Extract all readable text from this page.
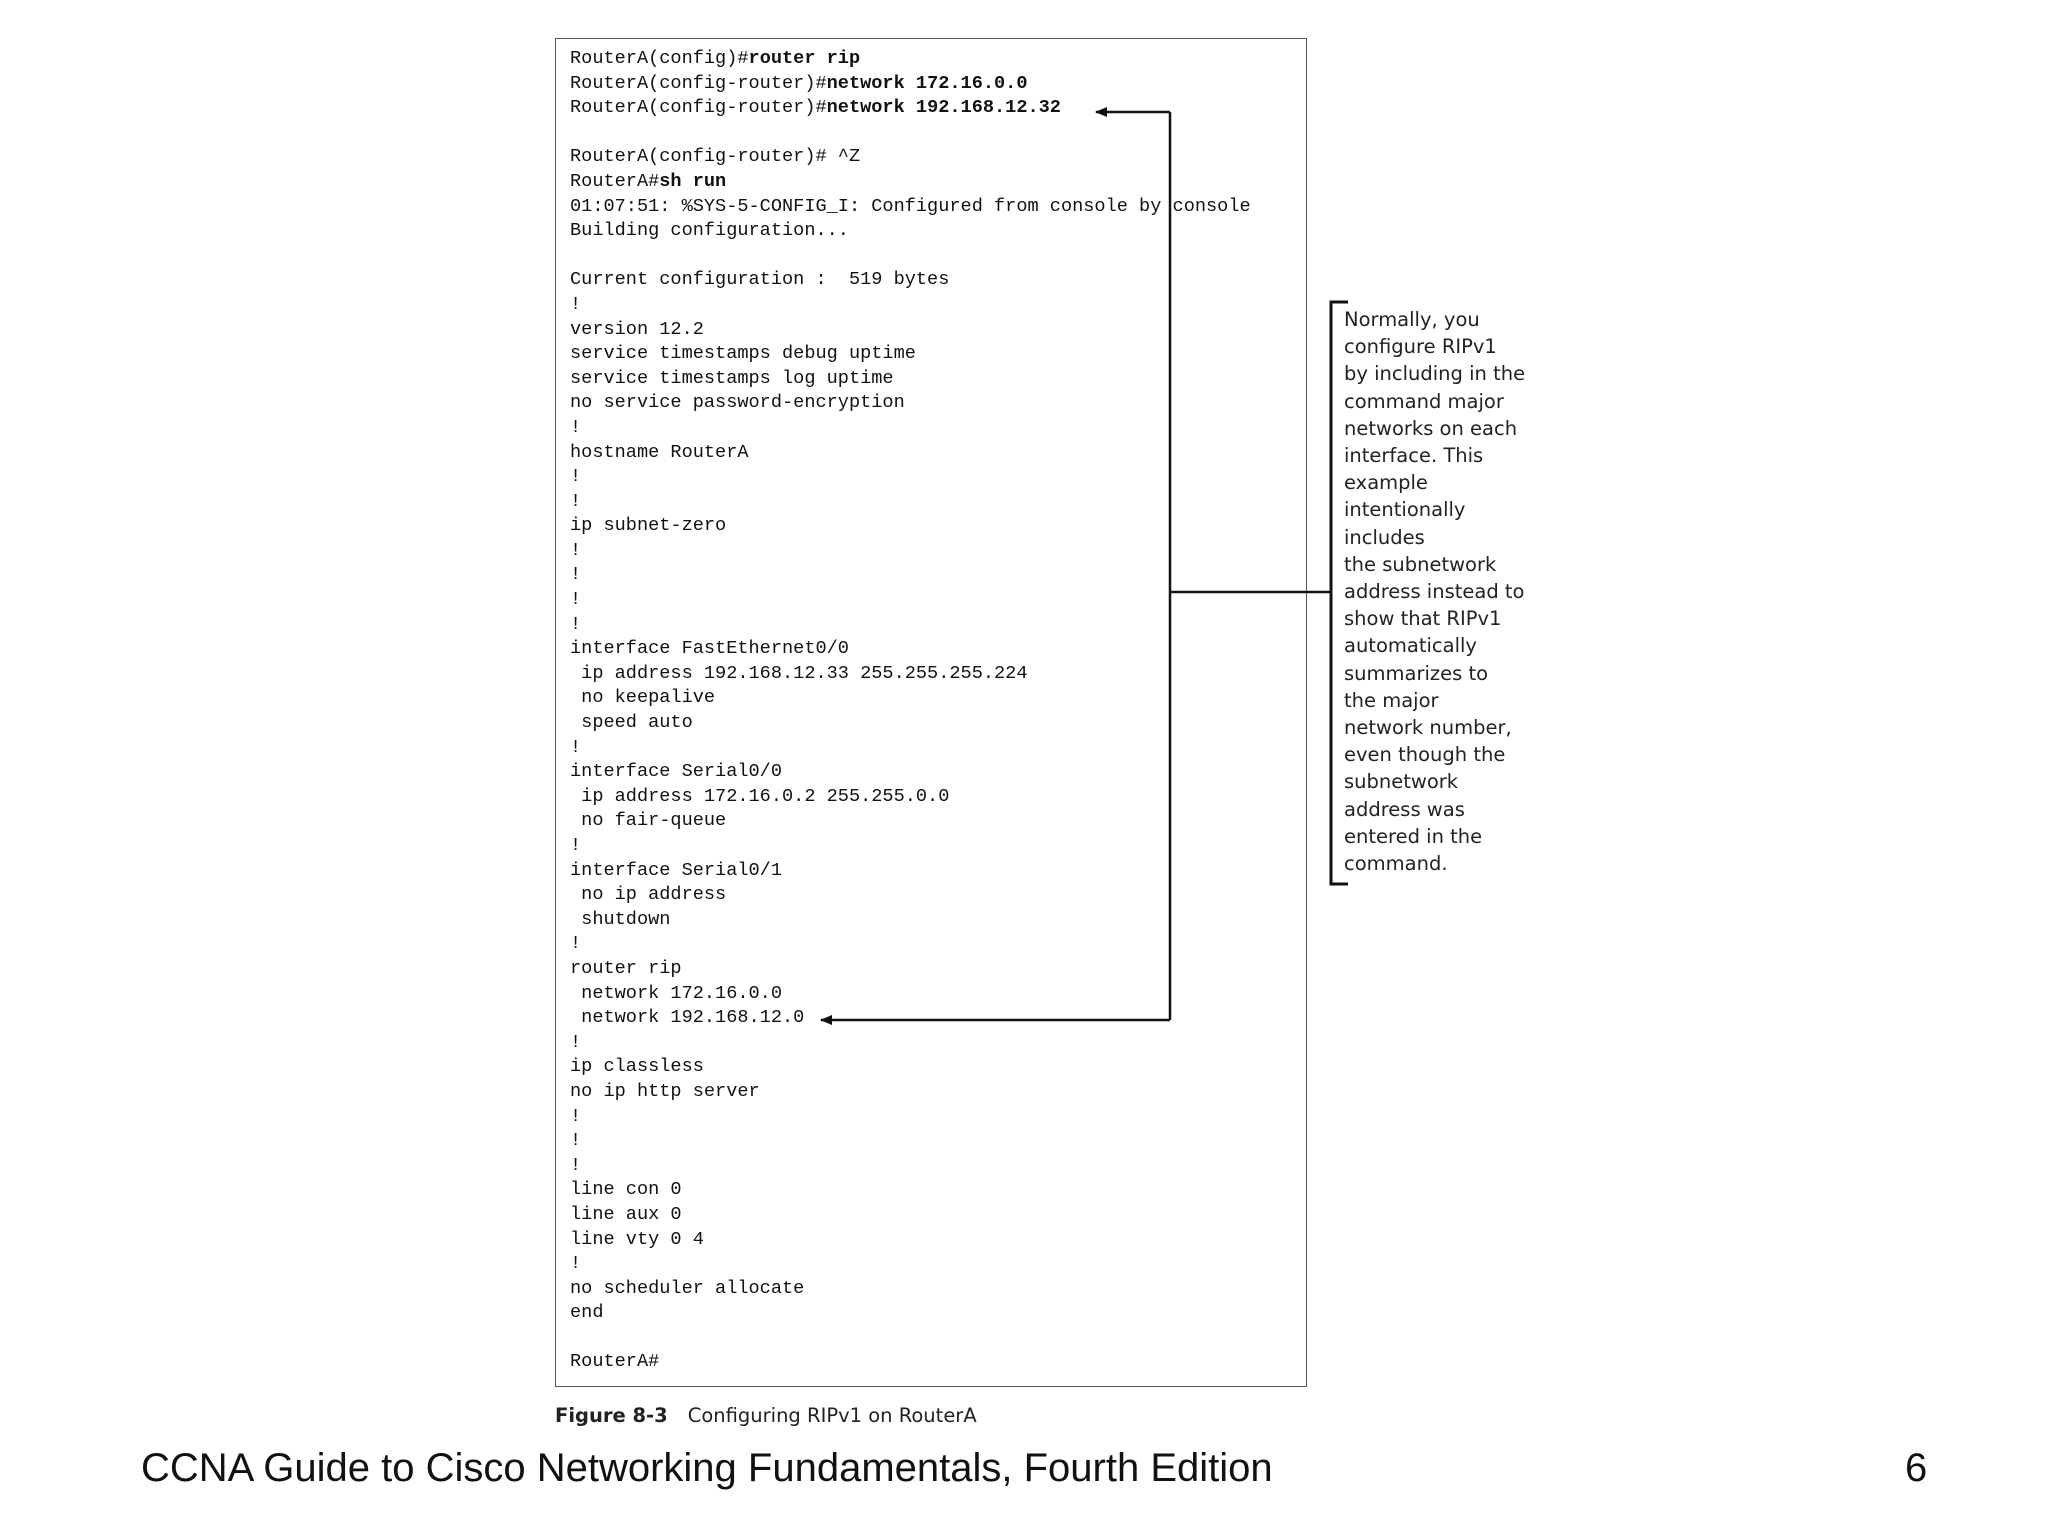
RouterA(config)#router rip
RouterA(config-router)#network 172.16.0.0
RouterA(config-router)#network 192.168.12.32
RouterA(config-router)# ^Z
RouterA#sh run
01:07:51: %SYS-5-CONFIG_I: Configured from console by console
Building configuration...
Current configuration :  519 bytes
!
version 12.2
service timestamps debug uptime
service timestamps log uptime
no service password-encryption
!
hostname RouterA
!
!
ip subnet-zero
!
!
!
!
interface FastEthernet0/0
ip address 192.168.12.33 255.255.255.224
no keepalive
speed auto
!
interface Serial0/0
ip address 172.16.0.2 255.255.0.0
no fair-queue
!
interface Serial0/1
no ip address
shutdown
!
router rip
network 172.16.0.0
network 192.168.12.0
!
ip classless
no ip http server
!
!
!
line con 0
line aux 0
line vty 0 4
!
no scheduler allocate
end
RouterA#
Normally, you
configure RIPv1
by including in the
command major
networks on each
interface. This
example
intentionally
includes
the subnetwork
address instead to
show that RIPv1
automatically
summarizes to
the major
network number,
even though the
subnetwork
address was
entered in the
command.
Figure 8-3 Configuring RIPv1 on RouterA
CCNA Guide to Cisco Networking Fundamentals, Fourth Edition	6
